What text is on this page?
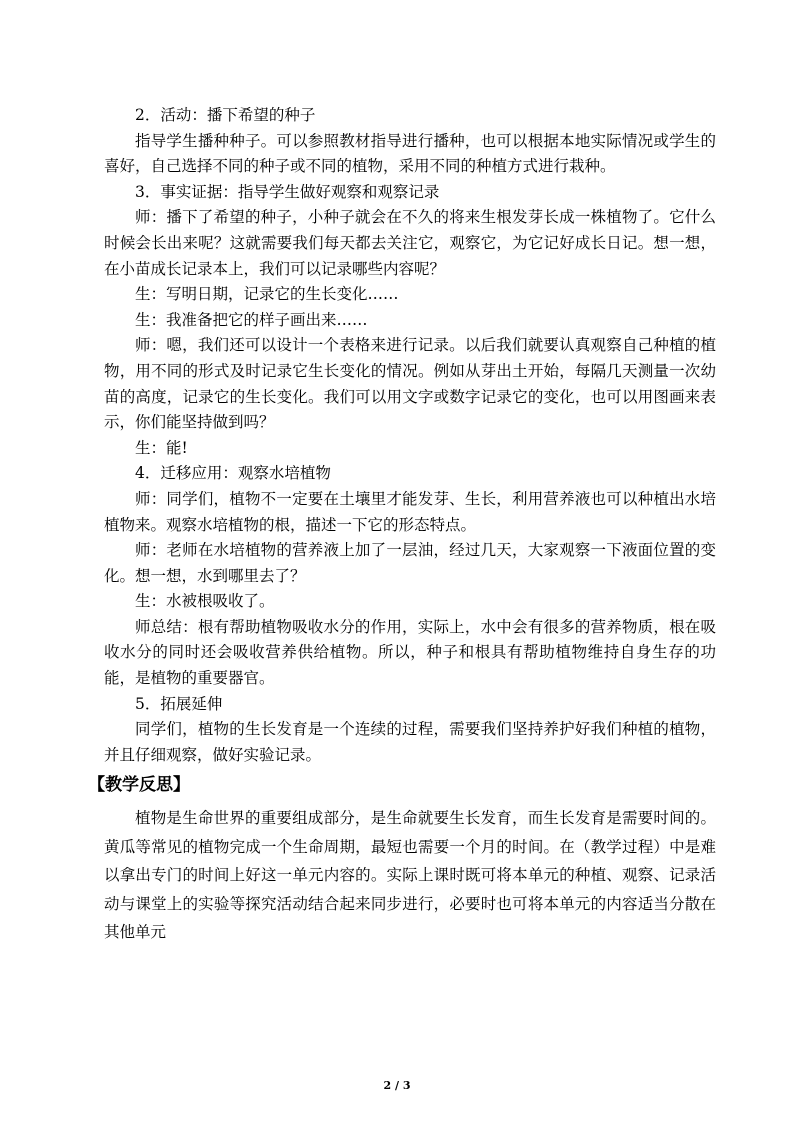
2．活动：播下希望的种子

指导学生播种种子。可以参照教材指导进行播种，也可以根据本地实际情况或学生的喜好，自己选择不同的种子或不同的植物，采用不同的种植方式进行栽种。

3．事实证据：指导学生做好观察和观察记录

师：播下了希望的种子，小种子就会在不久的将来生根发芽长成一株植物了。它什么时候会长出来呢？这就需要我们每天都去关注它，观察它，为它记好成长日记。想一想，在小苗成长记录本上，我们可以记录哪些内容呢？

生：写明日期，记录它的生长变化……

生：我准备把它的样子画出来……

师：嗯，我们还可以设计一个表格来进行记录。以后我们就要认真观察自己种植的植物，用不同的形式及时记录它生长变化的情况。例如从芽出土开始，每隔几天测量一次幼苗的高度，记录它的生长变化。我们可以用文字或数字记录它的变化，也可以用图画来表示，你们能坚持做到吗？

生：能!

4．迁移应用：观察水培植物

师：同学们，植物不一定要在土壤里才能发芽、生长，利用营养液也可以种植出水培植物来。观察水培植物的根，描述一下它的形态特点。

师：老师在水培植物的营养液上加了一层油，经过几天，大家观察一下液面位置的变化。想一想，水到哪里去了？

生：水被根吸收了。

师总结：根有帮助植物吸收水分的作用，实际上，水中会有很多的营养物质，根在吸收水分的同时还会吸收营养供给植物。所以，种子和根具有帮助植物维持自身生存的功能，是植物的重要器官。

5．拓展延伸

同学们，植物的生长发育是一个连续的过程，需要我们坚持养护好我们种植的植物，并且仔细观察，做好实验记录。

【教学反思】

植物是生命世界的重要组成部分，是生命就要生长发育，而生长发育是需要时间的。黄瓜等常见的植物完成一个生命周期，最短也需要一个月的时间。在（教学过程）中是难以拿出专门的时间上好这一单元内容的。实际上课时既可将本单元的种植、观察、记录活动与课堂上的实验等探究活动结合起来同步进行，必要时也可将本单元的内容适当分散在其他单元

2 / 3
